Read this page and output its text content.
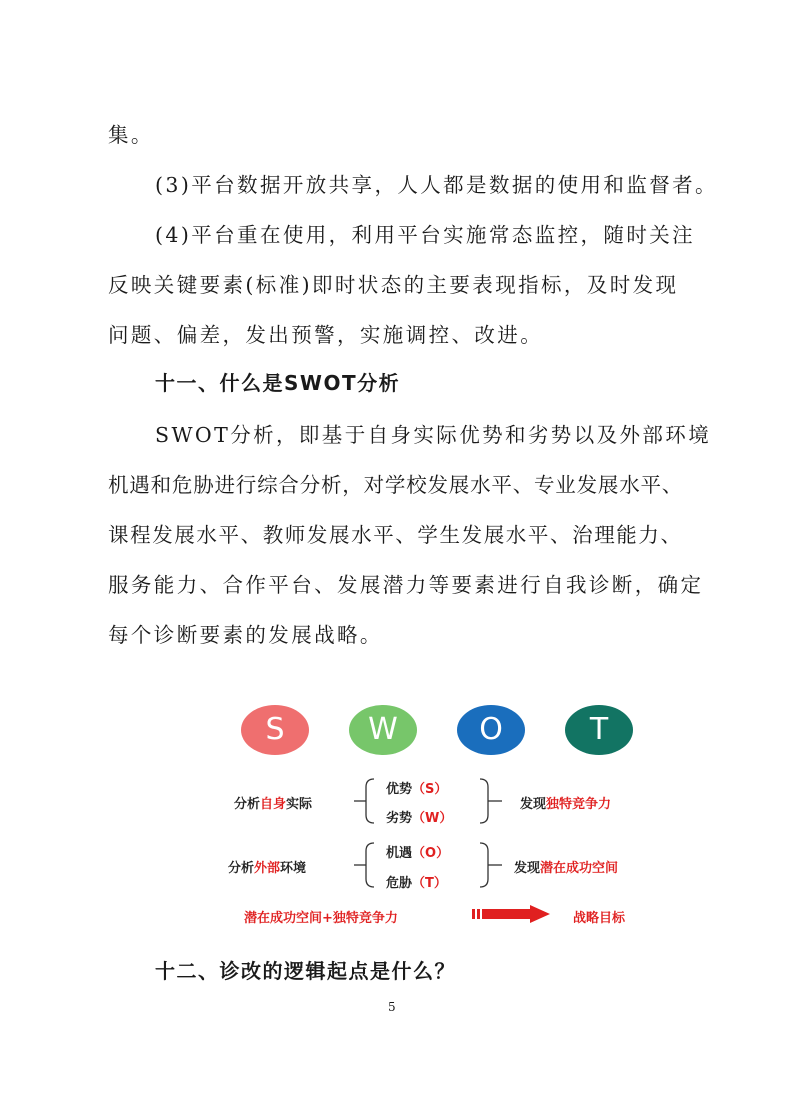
集。
(3)平台数据开放共享，人人都是数据的使用和监督者。
(4)平台重在使用，利用平台实施常态监控，随时关注
反映关键要素(标准)即时状态的主要表现指标，及时发现
问题、偏差，发出预警，实施调控、改进。
十一、什么是SWOT分析
SWOT分析，即基于自身实际优势和劣势以及外部环境
机遇和危胁进行综合分析，对学校发展水平、专业发展水平、
课程发展水平、教师发展水平、学生发展水平、治理能力、
服务能力、合作平台、发展潜力等要素进行自我诊断，确定
每个诊断要素的发展战略。
S	W	O	T
分析自身实际
优势（S）
劣势（W）
发现独特竞争力
分析外部环境
机遇（O）
危胁（T）
发现潜在成功空间
潜在成功空间+独特竞争力	战略目标
十二、诊改的逻辑起点是什么？
5
